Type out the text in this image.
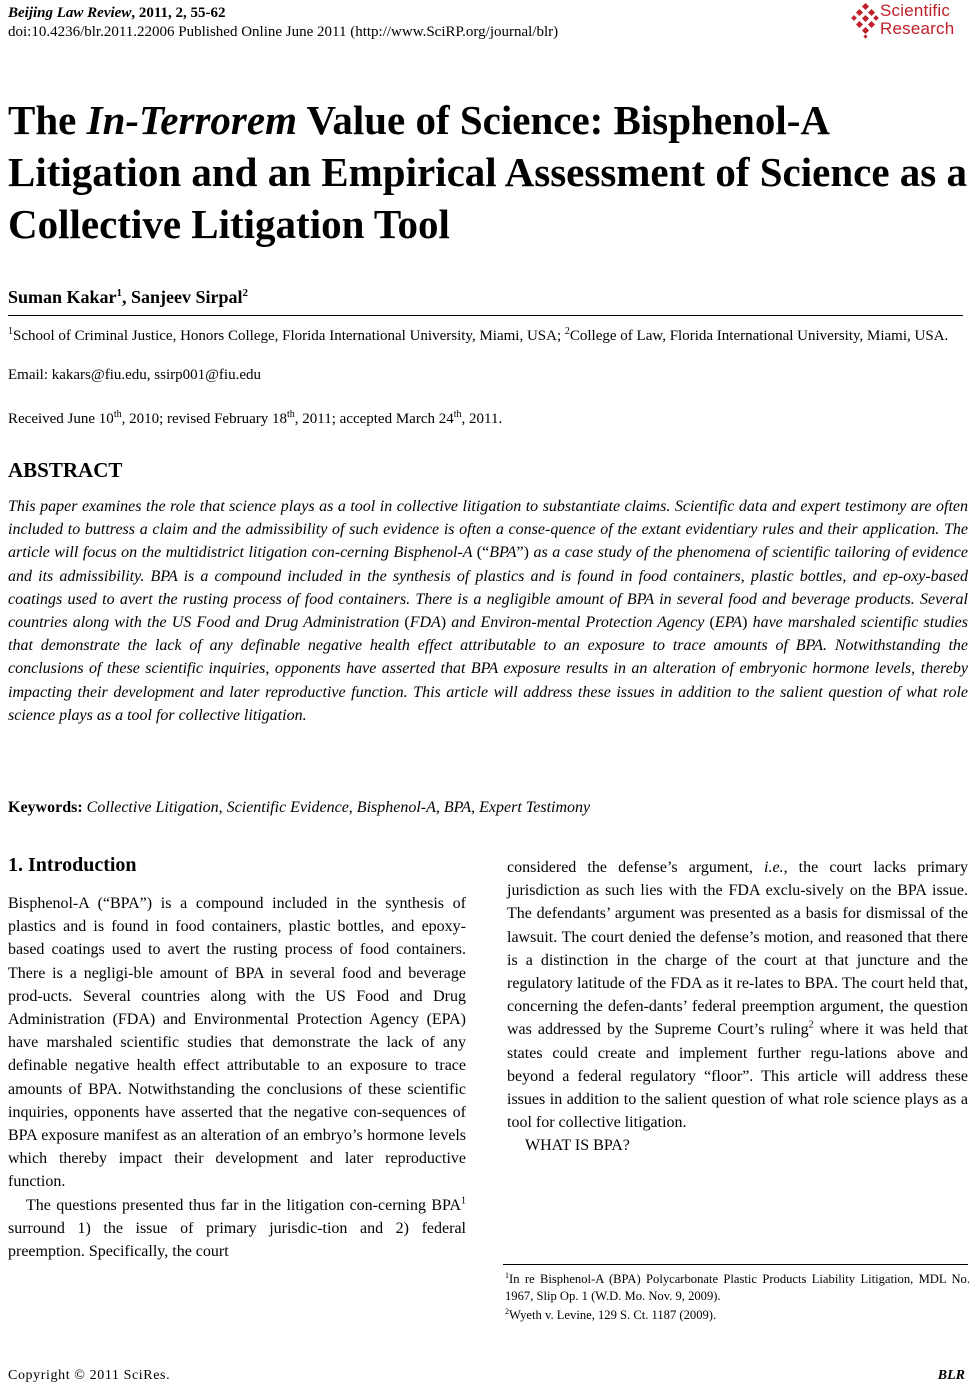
Beijing Law Review, 2011, 2, 55-62
doi:10.4236/blr.2011.22006 Published Online June 2011 (http://www.SciRP.org/journal/blr)
Scientific
Research
The In-Terrorem Value of Science: Bisphenol-A Litigation and an Empirical Assessment of Science as a Collective Litigation Tool
Suman Kakar$^1$, Sanjeev Sirpal$^2$
$^1$School of Criminal Justice, Honors College, Florida International University, Miami, USA; $^2$College of Law, Florida International University, Miami, USA.
Email: kakars@fiu.edu, ssirp001@fiu.edu
Received June 10th, 2010; revised February 18th, 2011; accepted March 24th, 2011.
ABSTRACT

This paper examines the role that science plays as a tool in collective litigation to substantiate claims. Scientific data and expert testimony are often included to buttress a claim and the admissibility of such evidence is often a conse-quence of the extant evidentiary rules and their application. The article will focus on the multidistrict litigation con-cerning Bisphenol-A (“BPA”) as a case study of the phenomena of scientific tailoring of evidence and its admissibility. BPA is a compound included in the synthesis of plastics and is found in food containers, plastic bottles, and ep-oxy-based coatings used to avert the rusting process of food containers. There is a negligible amount of BPA in several food and beverage products. Several countries along with the US Food and Drug Administration (FDA) and Environ-mental Protection Agency (EPA) have marshaled scientific studies that demonstrate the lack of any definable negative health effect attributable to an exposure to trace amounts of BPA. Notwithstanding the conclusions of these scientific inquiries, opponents have asserted that BPA exposure results in an alteration of embryonic hormone levels, thereby impacting their development and later reproductive function. This article will address these issues in addition to the salient question of what role science plays as a tool for collective litigation.

Keywords: Collective Litigation, Scientific Evidence, Bisphenol-A, BPA, Expert Testimony
1. Introduction

Bisphenol-A (“BPA”) is a compound included in the synthesis of plastics and is found in food containers, plastic bottles, and epoxy-based coatings used to avert the rusting process of food containers. There is a negligi-ble amount of BPA in several food and beverage prod-ucts. Several countries along with the US Food and Drug Administration (FDA) and Environmental Protection Agency (EPA) have marshaled scientific studies that demonstrate the lack of any definable negative health effect attributable to an exposure to trace amounts of BPA. Notwithstanding the conclusions of these scientific inquiries, opponents have asserted that the negative con-sequences of BPA exposure manifest as an alteration of an embryo’s hormone levels which thereby impact their development and later reproductive function.
The questions presented thus far in the litigation con-cerning BPA$^1$ surround 1) the issue of primary jurisdic-tion and 2) federal preemption. Specifically, the court

considered the defense’s argument, i.e., the court lacks primary jurisdiction as such lies with the FDA exclu-sively on the BPA issue. The defendants’ argument was presented as a basis for dismissal of the lawsuit. The court denied the defense’s motion, and reasoned that there is a distinction in the charge of the court at that juncture and the regulatory latitude of the FDA as it re-lates to BPA. The court held that, concerning the defen-dants’ federal preemption argument, the question was addressed by the Supreme Court’s ruling$^2$ where it was held that states could create and implement further regu-lations above and beyond a federal regulatory “floor”. This article will address these issues in addition to the salient question of what role science plays as a tool for collective litigation.
WHAT IS BPA?

$^1$In re Bisphenol-A (BPA) Polycarbonate Plastic Products Liability Litigation, MDL No. 1967, Slip Op. 1 (W.D. Mo. Nov. 9, 2009).
$^2$Wyeth v. Levine, 129 S. Ct. 1187 (2009).
Copyright © 2011 SciRes.	BLR
